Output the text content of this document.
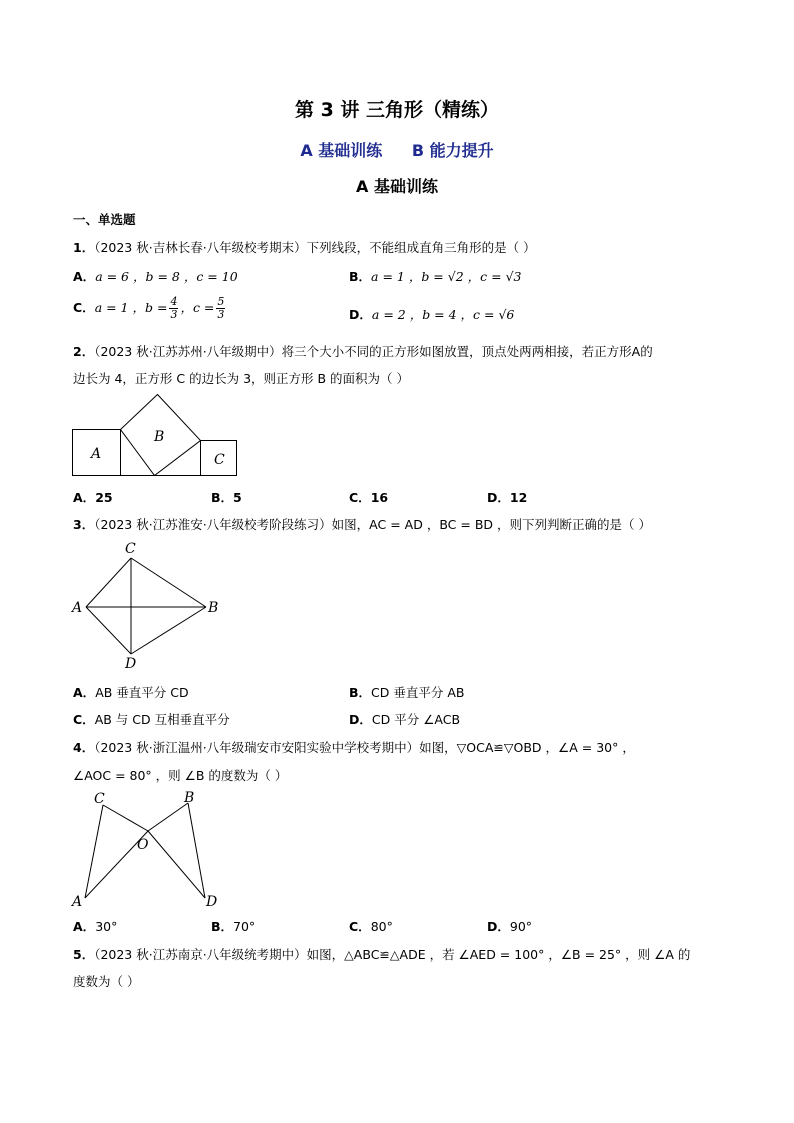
第 3 讲 三角形（精练）
A 基础训练 B 能力提升
A 基础训练
一、单选题
1．（2023 秋·吉林长春·八年级校考期末）下列线段，不能组成直角三角形的是（ ）
A．a = 6 ，b = 8 ，c = 10	B．a = 1 ，b = √2 ，c = √3
C．a = 1 ，$b = \frac{4}{3}$ ，$c = \frac{5}{3}$	D．a = 2 ，b = 4 ，c = √6
2．（2023 秋·江苏苏州·八年级期中）将三个大小不同的正方形如图放置，顶点处两两相接，若正方形A的
边长为 4，正方形 C 的边长为 3，则正方形 B 的面积为（ ）
A
B
C
A．25	B．5	C．16	D．12
3．（2023 秋·江苏淮安·八年级校考阶段练习）如图，AC = AD ，BC = BD ，则下列判断正确的是（ ）
C
A	B
D
A．AB 垂直平分 CD	B．CD 垂直平分 AB
C．AB 与 CD 互相垂直平分	D．CD 平分 ∠ACB
4．（2023 秋·浙江温州·八年级瑞安市安阳实验中学校考期中）如图，▽OCA≌▽OBD ，∠A = 30° ，
∠AOC = 80° ，则 ∠B 的度数为（ ）
C	B
O
A	D
A．30°	B．70°	C．80°	D．90°
5．（2023 秋·江苏南京·八年级统考期中）如图，△ABC≌△ADE ，若 ∠AED = 100° ，∠B = 25° ，则 ∠A 的
度数为（ ）
